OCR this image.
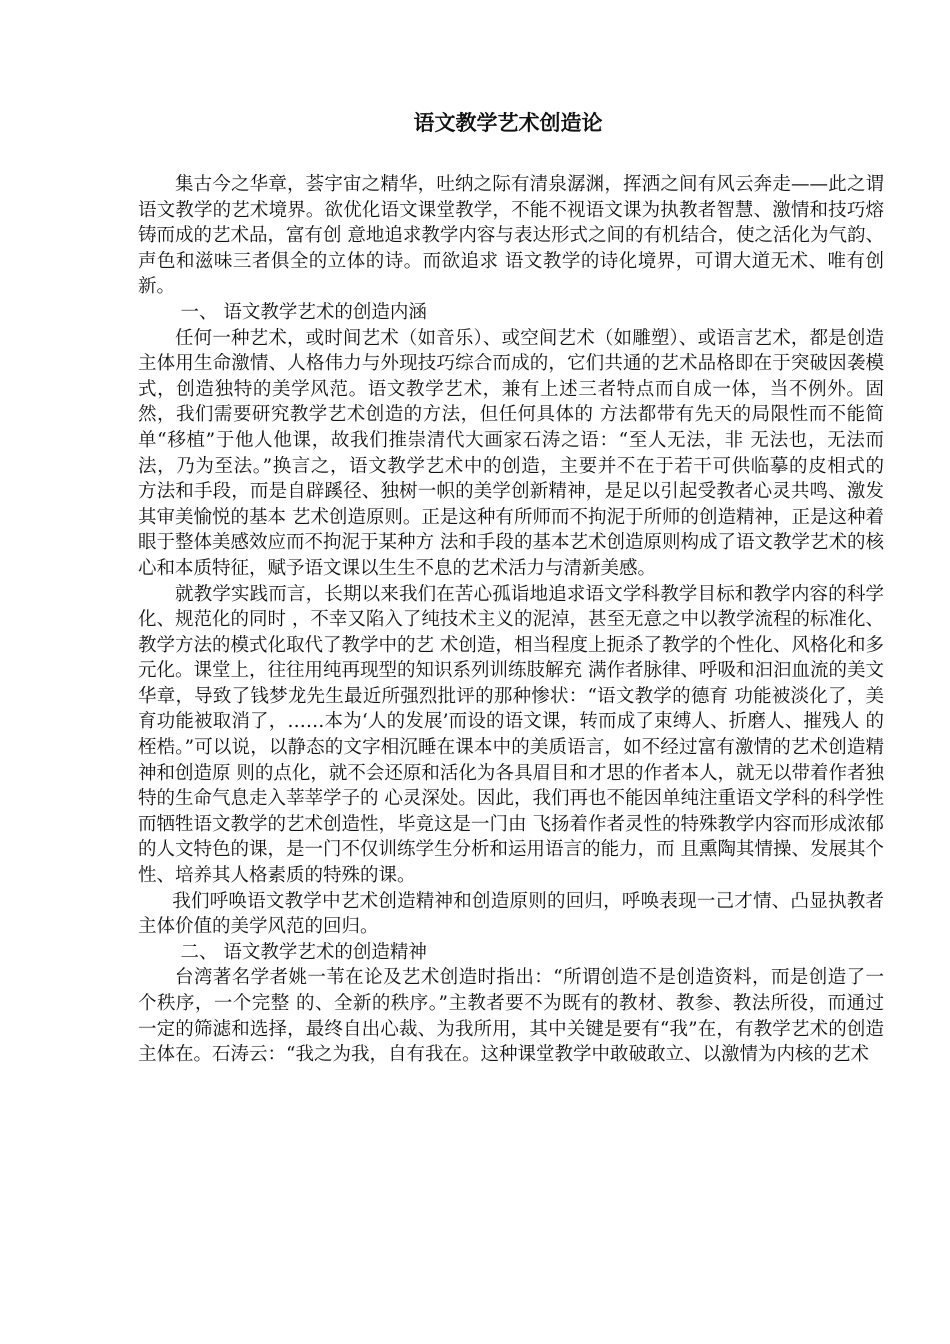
语文教学艺术创造论

集古今之华章，荟宇宙之精华，吐纳之际有清泉潺渊，挥洒之间有风云奔走——此之谓语文教学的艺术境界。欲优化语文课堂教学，不能不视语文课为执教者智慧、激情和技巧熔铸而成的艺术品，富有创 意地追求教学内容与表达形式之间的有机结合，使之活化为气韵、声色和滋味三者俱全的立体的诗。而欲追求 语文教学的诗化境界，可谓大道无术、唯有创新。

一、 语文教学艺术的创造内涵

任何一种艺术，或时间艺术（如音乐）、或空间艺术（如雕塑）、或语言艺术，都是创造主体用生命激情、人格伟力与外现技巧综合而成的，它们共通的艺术品格即在于突破因袭模式，创造独特的美学风范。语文教学艺术，兼有上述三者特点而自成一体，当不例外。固然，我们需要研究教学艺术创造的方法，但任何具体的 方法都带有先天的局限性而不能简单“移植”于他人他课，故我们推崇清代大画家石涛之语：“至人无法，非 无法也，无法而法，乃为至法。”换言之，语文教学艺术中的创造，主要并不在于若干可供临摹的皮相式的 方法和手段，而是自辟蹊径、独树一帜的美学创新精神，是足以引起受教者心灵共鸣、激发其审美愉悦的基本 艺术创造原则。正是这种有所师而不拘泥于所师的创造精神，正是这种着眼于整体美感效应而不拘泥于某种方 法和手段的基本艺术创造原则构成了语文教学艺术的核心和本质特征，赋予语文课以生生不息的艺术活力与清新美感。

就教学实践而言，长期以来我们在苦心孤诣地追求语文学科教学目标和教学内容的科学化、规范化的同时 ，不幸又陷入了纯技术主义的泥淖，甚至无意之中以教学流程的标准化、教学方法的模式化取代了教学中的艺 术创造，相当程度上扼杀了教学的个性化、风格化和多元化。课堂上，往往用纯再现型的知识系列训练肢解充 满作者脉律、呼吸和汩汩血流的美文华章，导致了钱梦龙先生最近所强烈批评的那种惨状：“语文教学的德育 功能被淡化了，美育功能被取消了，……本为‘人的发展’而设的语文课，转而成了束缚人、折磨人、摧残人 的桎梏。”可以说，以静态的文字相沉睡在课本中的美质语言，如不经过富有激情的艺术创造精神和创造原 则的点化，就不会还原和活化为各具眉目和才思的作者本人，就无以带着作者独特的生命气息走入莘莘学子的 心灵深处。因此，我们再也不能因单纯注重语文学科的科学性而牺牲语文教学的艺术创造性，毕竟这是一门由 飞扬着作者灵性的特殊教学内容而形成浓郁的人文特色的课，是一门不仅训练学生分析和运用语言的能力，而 且熏陶其情操、发展其个性、培养其人格素质的特殊的课。

我们呼唤语文教学中艺术创造精神和创造原则的回归，呼唤表现一己才情、凸显执教者主体价值的美学风范的回归。

二、 语文教学艺术的创造精神

台湾著名学者姚一苇在论及艺术创造时指出：“所谓创造不是创造资料，而是创造了一个秩序，一个完整 的、全新的秩序。”主教者要不为既有的教材、教参、教法所役，而通过一定的筛滤和选择，最终自出心裁、为我所用，其中关键是要有“我”在，有教学艺术的创造主体在。石涛云：“我之为我，自有我在。这种课堂教学中敢破敢立、以激情为内核的艺术
